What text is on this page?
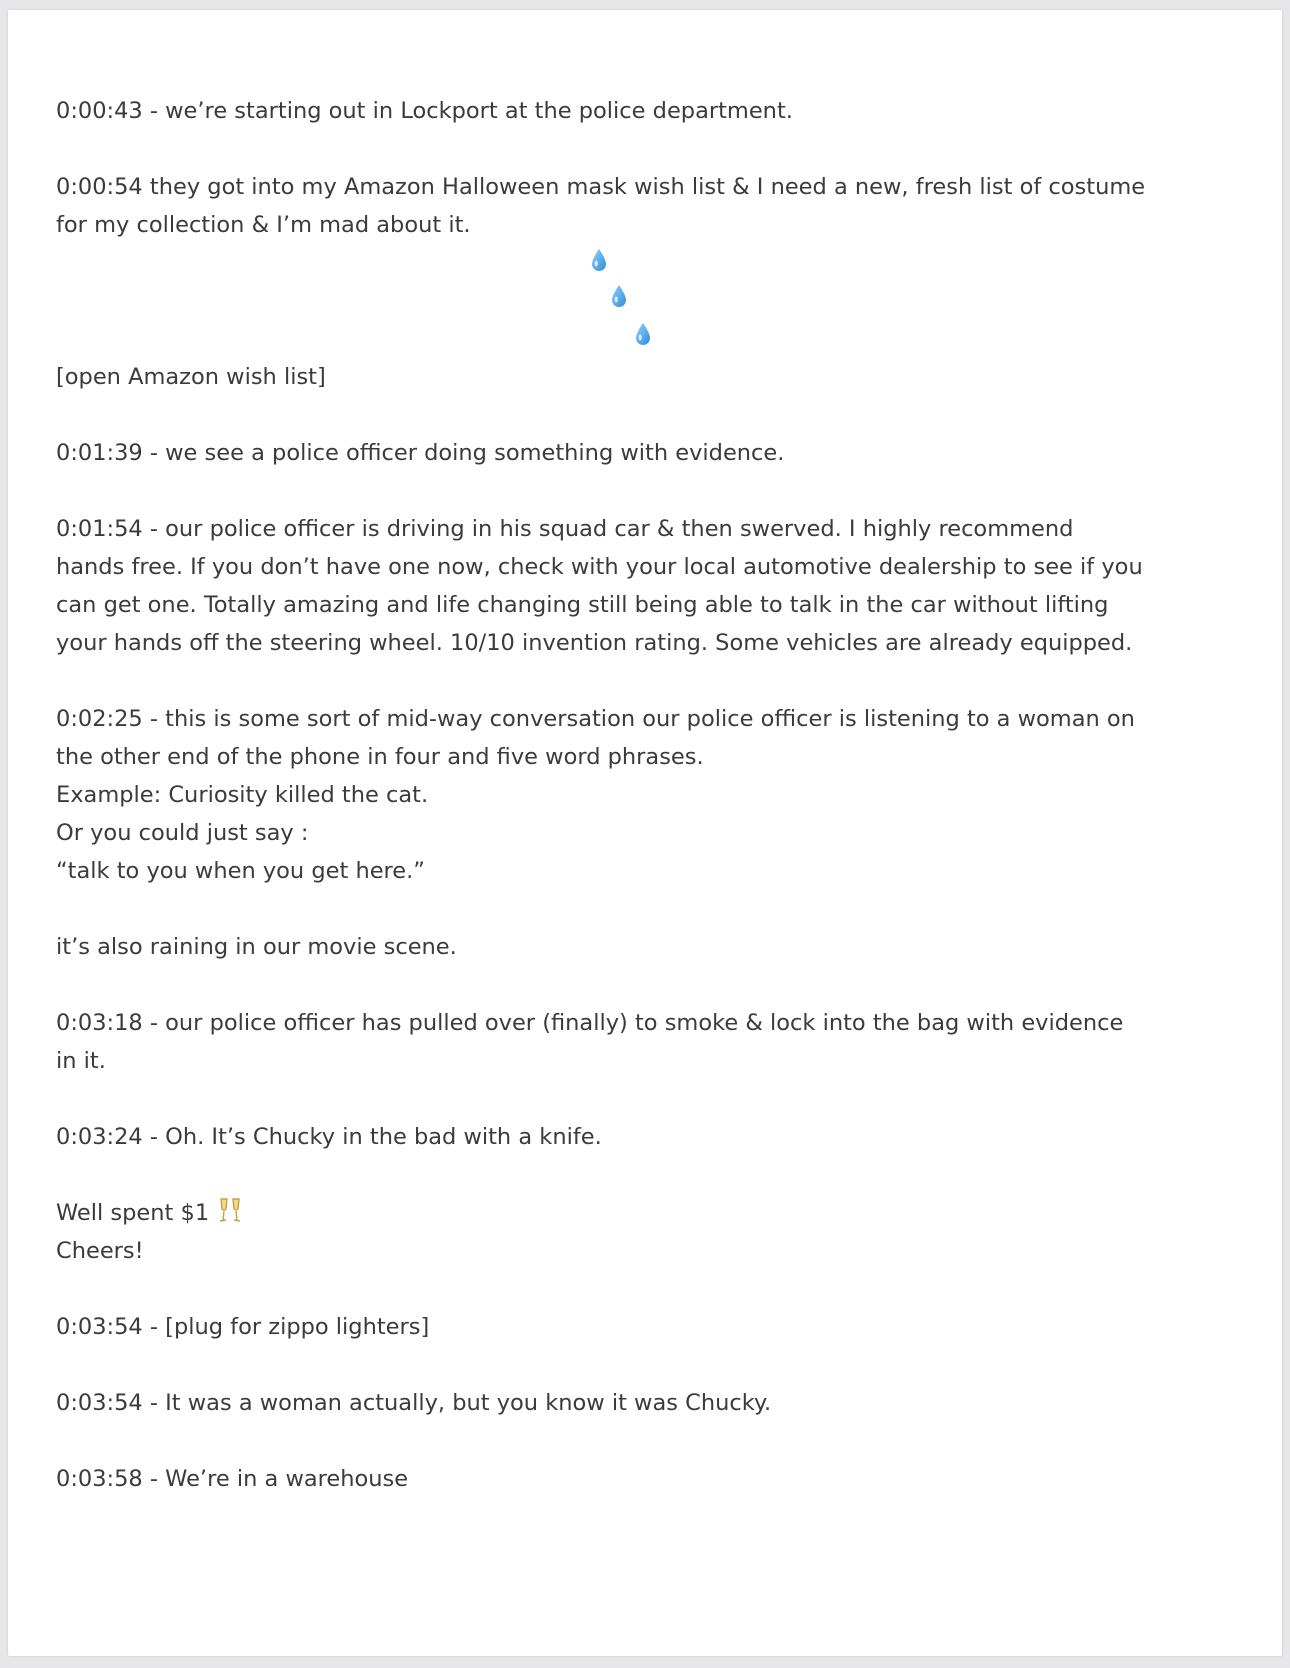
0:00:43 - we’re starting out in Lockport at the police department.
0:00:54 they got into my Amazon Halloween mask wish list & I need a new, fresh list of costume
for my collection & I’m mad about it.
[open Amazon wish list]
0:01:39 - we see a police officer doing something with evidence.
0:01:54 - our police officer is driving in his squad car & then swerved. I highly recommend
hands free. If you don’t have one now, check with your local automotive dealership to see if you
can get one. Totally amazing and life changing still being able to talk in the car without lifting
your hands off the steering wheel. 10/10 invention rating. Some vehicles are already equipped.
0:02:25 - this is some sort of mid-way conversation our police officer is listening to a woman on
the other end of the phone in four and five word phrases.
Example: Curiosity killed the cat.
Or you could just say :
“talk to you when you get here.”
it’s also raining in our movie scene.
0:03:18 - our police officer has pulled over (finally) to smoke & lock into the bag with evidence
in it.
0:03:24 - Oh. It’s Chucky in the bad with a knife.
Well spent $1
Cheers!
0:03:54 - [plug for zippo lighters]
0:03:54 - It was a woman actually, but you know it was Chucky.
0:03:58 - We’re in a warehouse
